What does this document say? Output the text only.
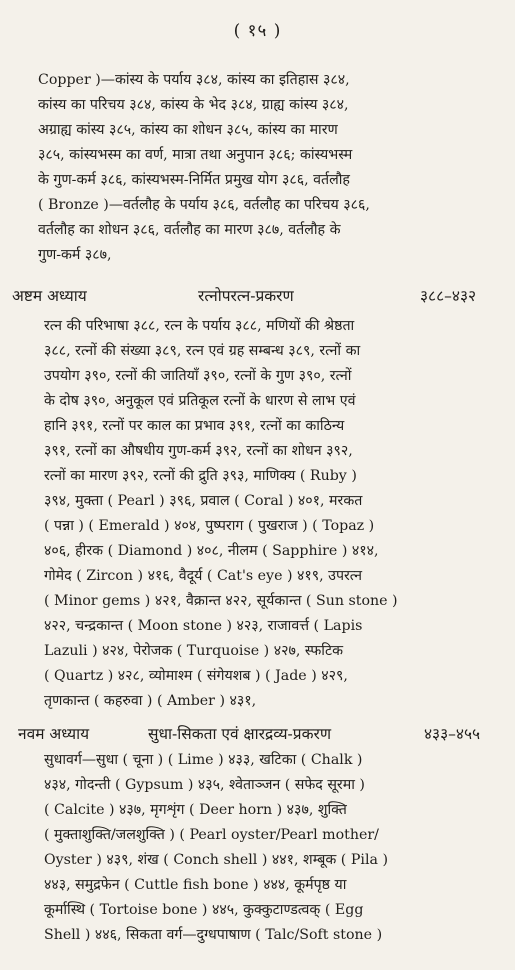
( १५ )
Copper )—कांस्य के पर्याय ३८४, कांस्य का इतिहास ३८४,
कांस्य का परिचय ३८४, कांस्य के भेद ३८४, ग्राह्य कांस्य ३८४,
अग्राह्य कांस्य ३८५, कांस्य का शोधन ३८५, कांस्य का मारण
३८५, कांस्यभस्म का वर्ण, मात्रा तथा अनुपान ३८६; कांस्यभस्म
के गुण-कर्म ३८६, कांस्यभस्म-निर्मित प्रमुख योग ३८६, वर्तलौह
( Bronze )—वर्तलौह के पर्याय ३८६, वर्तलौह का परिचय ३८६,
वर्तलौह का शोधन ३८६, वर्तलौह का मारण ३८७, वर्तलौह के
गुण-कर्म ३८७,
अष्टम अध्याय	रत्नोपरत्न-प्रकरण	३८८–४३२
रत्न की परिभाषा ३८८, रत्न के पर्याय ३८८, मणियों की श्रेष्ठता
३८८, रत्नों की संख्या ३८९, रत्न एवं ग्रह सम्बन्ध ३८९, रत्नों का
उपयोग ३९०, रत्नों की जातियाँ ३९०, रत्नों के गुण ३९०, रत्नों
के दोष ३९०, अनुकूल एवं प्रतिकूल रत्नों के धारण से लाभ एवं
हानि ३९१, रत्नों पर काल का प्रभाव ३९१, रत्नों का काठिन्य
३९१, रत्नों का औषधीय गुण-कर्म ३९२, रत्नों का शोधन ३९२,
रत्नों का मारण ३९२, रत्नों की द्रुति ३९३, माणिक्य ( Ruby )
३९४, मुक्ता ( Pearl ) ३९६, प्रवाल ( Coral ) ४०१, मरकत
( पन्ना ) ( Emerald ) ४०४, पुष्पराग ( पुखराज ) ( Topaz )
४०६, हीरक ( Diamond ) ४०८, नीलम ( Sapphire ) ४१४,
गोमेद ( Zircon ) ४१६, वैदूर्य ( Cat's eye ) ४१९, उपरत्न
( Minor gems ) ४२१, वैक्रान्त ४२२, सूर्यकान्त ( Sun stone )
४२२, चन्द्रकान्त ( Moon stone ) ४२३, राजावर्त्त ( Lapis
Lazuli ) ४२४, पेरोजक ( Turquoise ) ४२७, स्फटिक
( Quartz ) ४२८, व्योमाश्म ( संगेयशब ) ( Jade ) ४२९,
तृणकान्त ( कहरुवा ) ( Amber ) ४३१,
नवम अध्याय	सुधा-सिकता एवं क्षारद्रव्य-प्रकरण	४३३–४५५
सुधावर्ग—सुधा ( चूना ) ( Lime ) ४३३, खटिका ( Chalk )
४३४, गोदन्ती ( Gypsum ) ४३५, श्वेताञ्जन ( सफेद सूरमा )
( Calcite ) ४३७, मृगशृंग ( Deer horn ) ४३७, शुक्ति
( मुक्ताशुक्ति/जलशुक्ति ) ( Pearl oyster/Pearl mother/
Oyster ) ४३९, शंख ( Conch shell ) ४४१, शम्बूक ( Pila )
४४३, समुद्रफेन ( Cuttle fish bone ) ४४४, कूर्मपृष्ठ या
कूर्मास्थि ( Tortoise bone ) ४४५, कुक्कुटाण्डत्वक् ( Egg
Shell ) ४४६, सिकता वर्ग—दुग्धपाषाण ( Talc/Soft stone )
